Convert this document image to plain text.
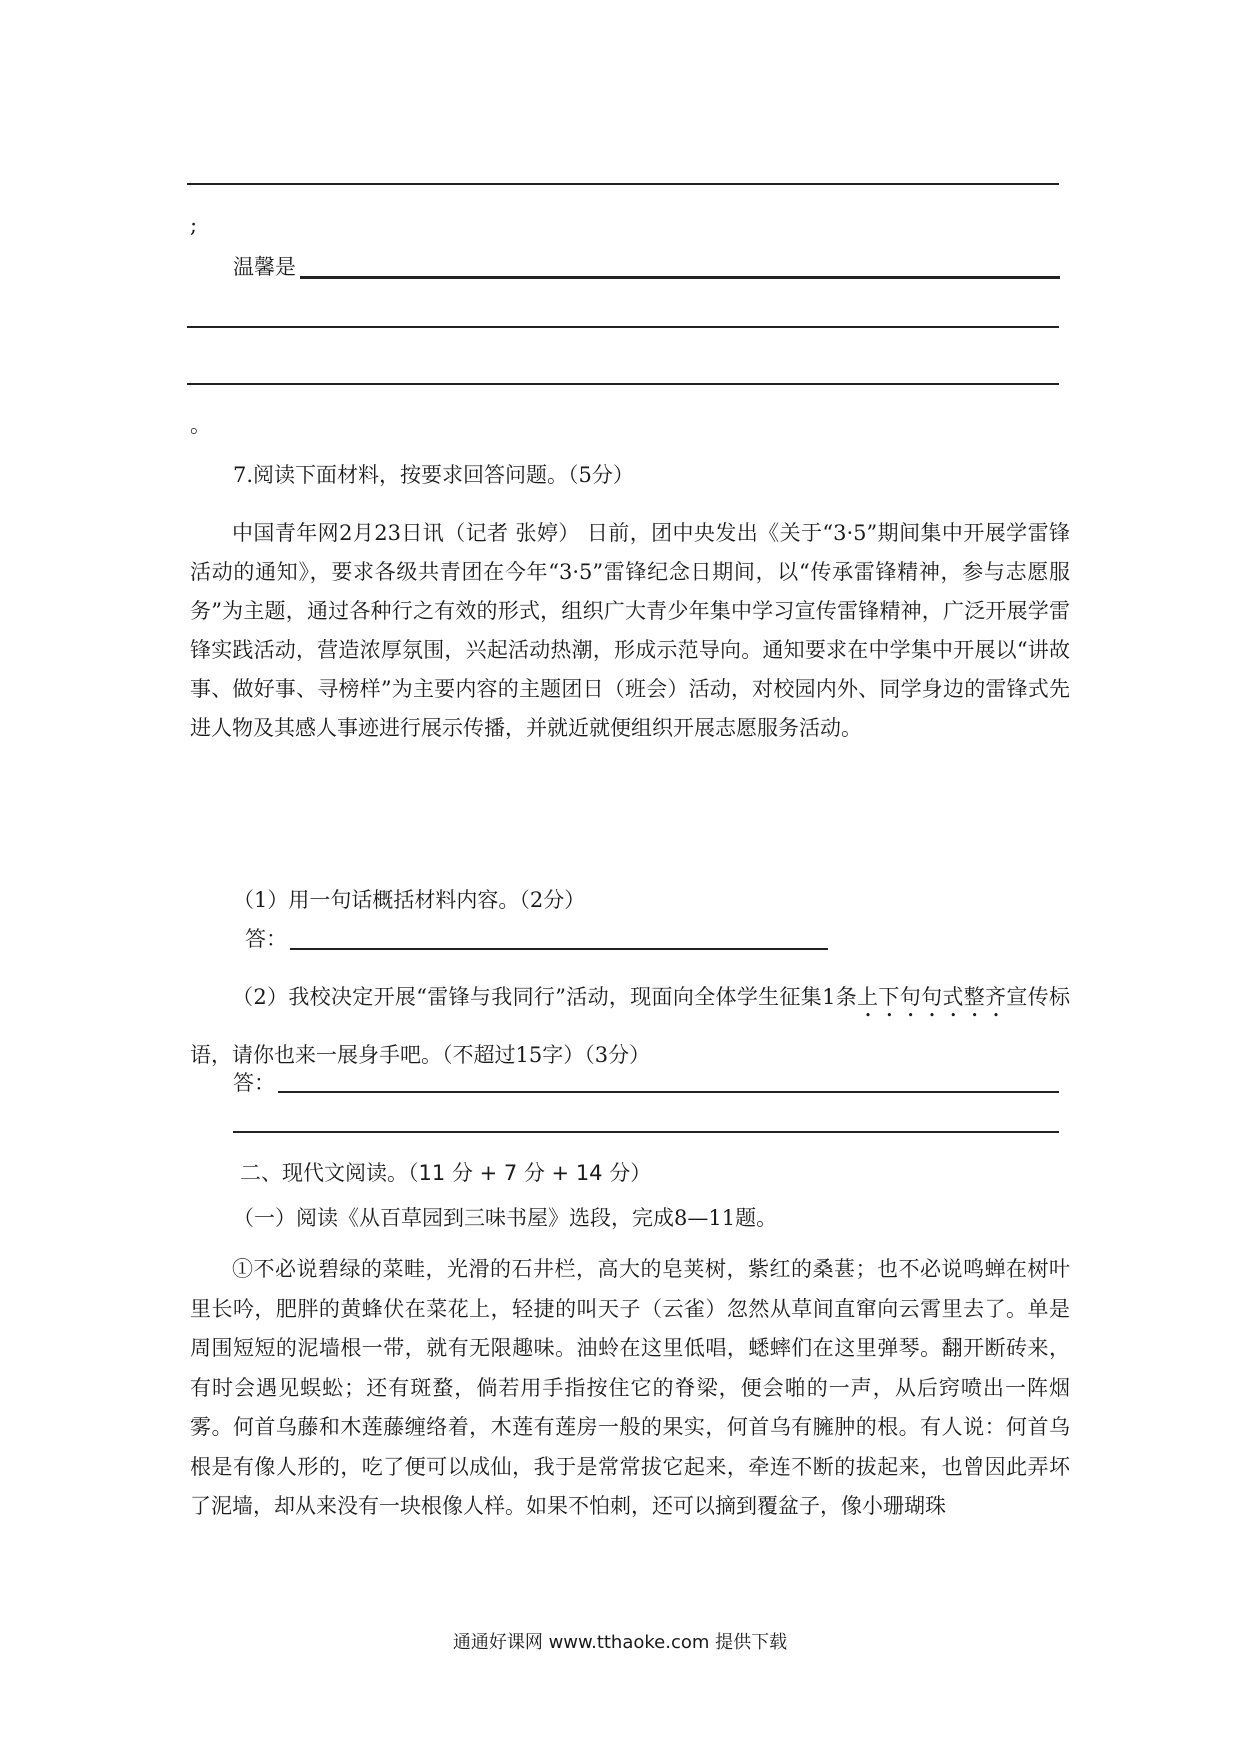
;
温馨是
。
7.阅读下面材料，按要求回答问题。（5分）
中国青年网2月23日讯（记者 张婷） 日前，团中央发出《关于“3·5”期间集中开展学雷锋活动的通知》，要求各级共青团在今年“3·5”雷锋纪念日期间，以“传承雷锋精神，参与志愿服务”为主题，通过各种行之有效的形式，组织广大青少年集中学习宣传雷锋精神，广泛开展学雷锋实践活动，营造浓厚氛围，兴起活动热潮，形成示范导向。通知要求在中学集中开展以“讲故事、做好事、寻榜样”为主要内容的主题团日（班会）活动，对校园内外、同学身边的雷锋式先进人物及其感人事迹进行展示传播，并就近就便组织开展志愿服务活动。
（1）用一句话概括材料内容。（2分）
答：
（2）我校决定开展“雷锋与我同行”活动，现面向全体学生征集1条上下句句式整齐宣传标语，请你也来一展身手吧。（不超过15字）（3分）
答：
二、现代文阅读。（11 分 + 7 分 + 14 分）
（一）阅读《从百草园到三味书屋》选段，完成8—11题。
①不必说碧绿的菜畦，光滑的石井栏，高大的皂荚树，紫红的桑葚；也不必说鸣蝉在树叶里长吟，肥胖的黄蜂伏在菜花上，轻捷的叫天子（云雀）忽然从草间直窜向云霄里去了。单是周围短短的泥墙根一带，就有无限趣味。油蛉在这里低唱，蟋蟀们在这里弹琴。翻开断砖来，有时会遇见蜈蚣；还有斑蝥，倘若用手指按住它的脊梁，便会啪的一声，从后窍喷出一阵烟雾。何首乌藤和木莲藤缠络着，木莲有莲房一般的果实，何首乌有臃肿的根。有人说：何首乌根是有像人形的，吃了便可以成仙，我于是常常拔它起来，牵连不断的拔起来，也曾因此弄坏了泥墙，却从来没有一块根像人样。如果不怕刺，还可以摘到覆盆子，像小珊瑚珠
通通好课网 www.tthaoke.com 提供下载
